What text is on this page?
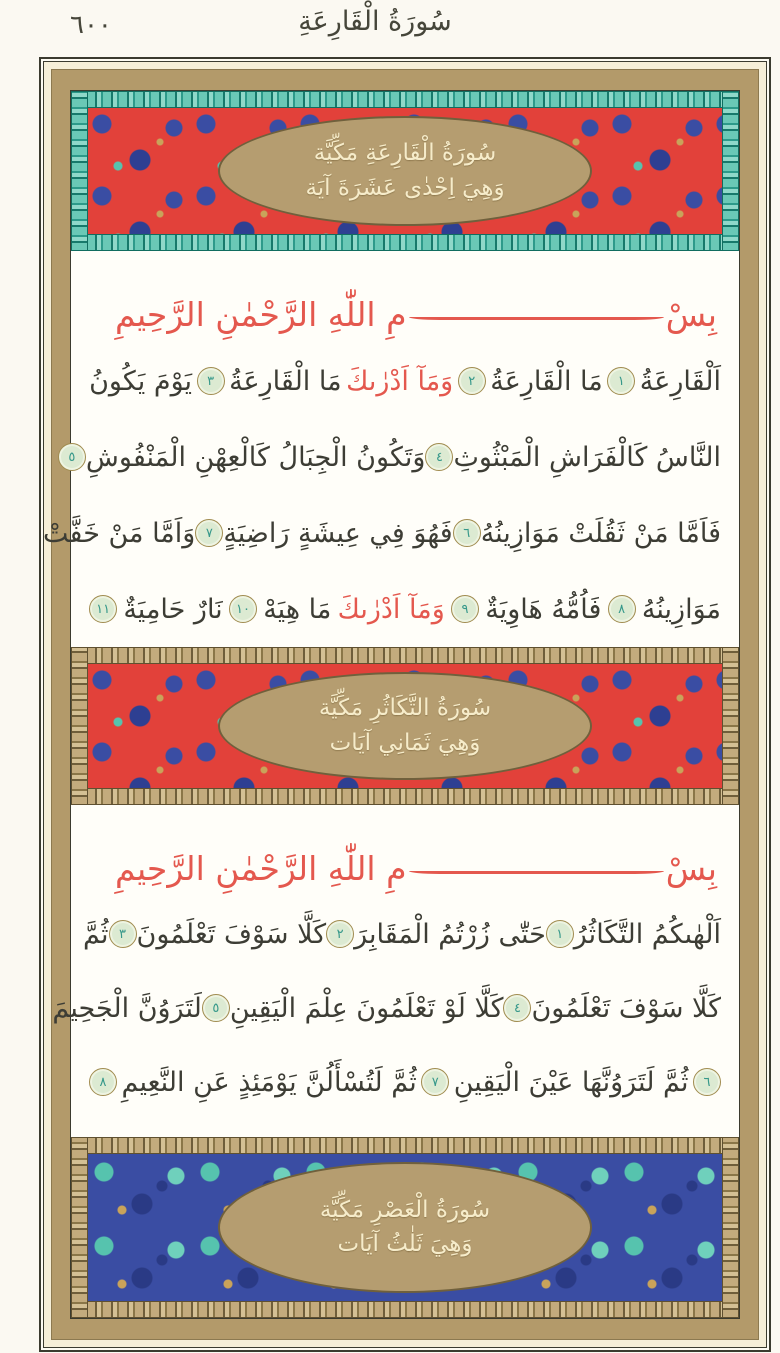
سُورَةُ الْقَارِعَةِ
٦٠٠
سُورَةُ الْقَارِعَةِ مَكِّيَّة
وَهِيَ اِحْدٰى عَشَرَةَ آيَة
بِسْ
مِ اللّٰهِ الرَّحْمٰنِ الرَّحِيمِ
اَلْقَارِعَةُ
١
مَا الْقَارِعَةُ
٢
وَمَآ اَدْرٰىكَ
مَا الْقَارِعَةُ
٣
يَوْمَ يَكُونُ
النَّاسُ كَالْفَرَاشِ الْمَبْثُوثِ
٤
وَتَكُونُ الْجِبَالُ كَالْعِهْنِ الْمَنْفُوشِ
٥
فَاَمَّا مَنْ ثَقُلَتْ مَوَازِينُهُ
٦
فَهُوَ فِي عِيشَةٍ رَاضِيَةٍ
٧
وَاَمَّا مَنْ خَفَّتْ
مَوَازِينُهُ
٨
فَاُمُّهُ هَاوِيَةٌ
٩
وَمَآ اَدْرٰىكَ
مَا هِيَهْ
١٠
نَارٌ حَامِيَةٌ
١١
سُورَةُ التَّكَاثُرِ مَكِّيَّة
وَهِيَ ثَمَانِي آيَات
بِسْ
مِ اللّٰهِ الرَّحْمٰنِ الرَّحِيمِ
اَلْهٰىكُمُ التَّكَاثُرُ
١
حَتّٰى زُرْتُمُ الْمَقَابِرَ
٢
كَلَّا سَوْفَ تَعْلَمُونَ
٣
ثُمَّ
كَلَّا سَوْفَ تَعْلَمُونَ
٤
كَلَّا لَوْ تَعْلَمُونَ عِلْمَ الْيَقِينِ
٥
لَتَرَوُنَّ الْجَحِيمَ
٦
ثُمَّ لَتَرَوُنَّهَا عَيْنَ الْيَقِينِ
٧
ثُمَّ لَتُسْأَلُنَّ يَوْمَئِذٍ عَنِ النَّعِيمِ
٨
سُورَةُ الْعَصْرِ مَكِّيَّة
وَهِيَ ثَلٰثُ آيَات
